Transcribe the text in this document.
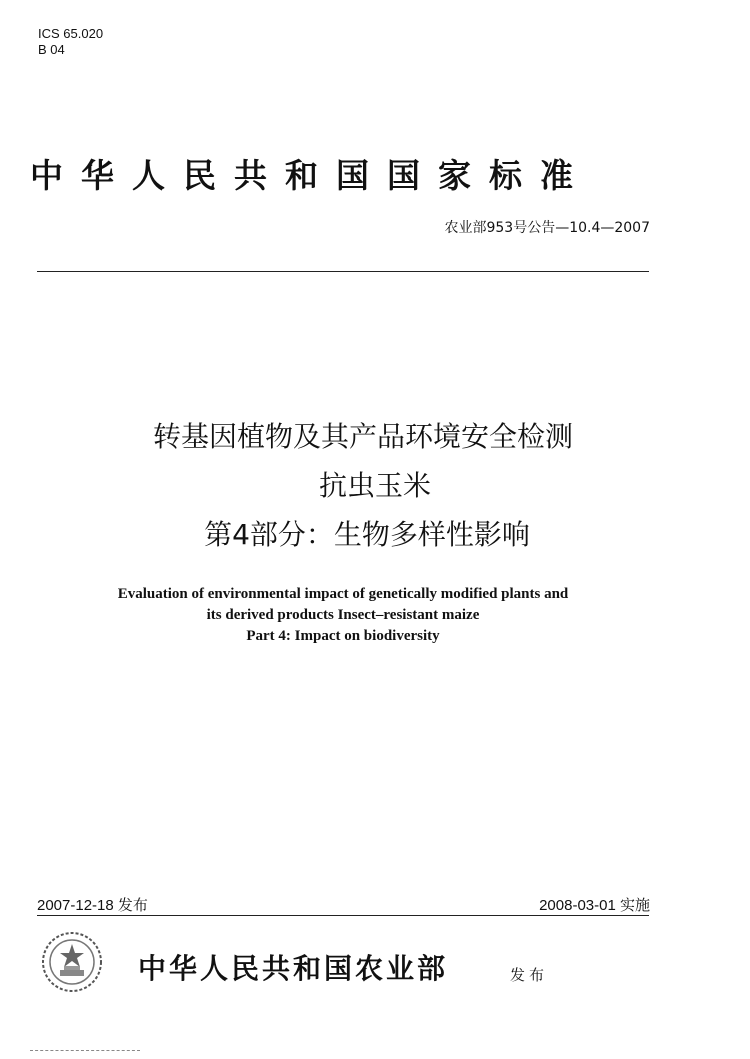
ICS 65.020
B 04
中华人民共和国国家标准
农业部953号公告—10.4—2007
转基因植物及其产品环境安全检测
抗虫玉米
第4部分：生物多样性影响
Evaluation of environmental impact of genetically modified plants and
its derived products Insect–resistant maize
Part 4: Impact on biodiversity
2007-12-18 发布	2008-03-01 实施
中华人民共和国农业部	发布
